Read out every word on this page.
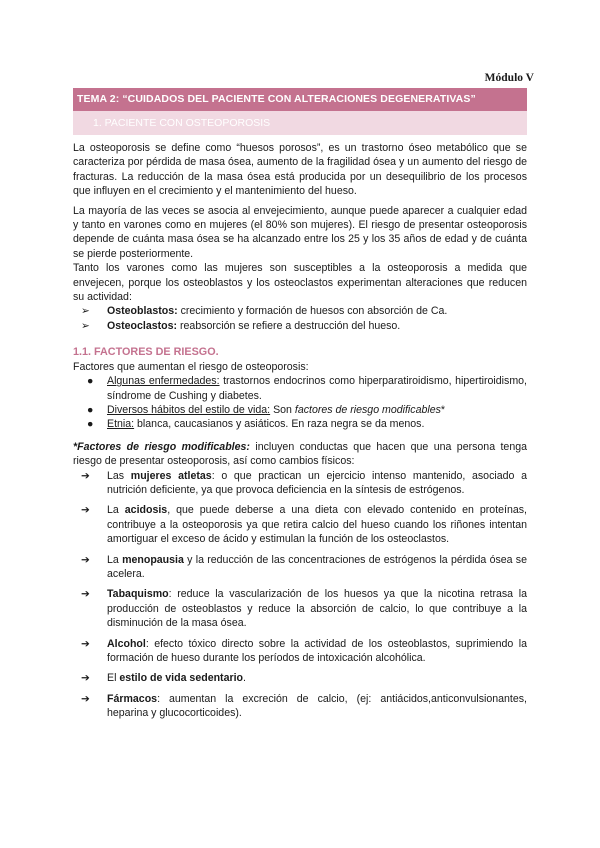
Módulo V
TEMA 2: “CUIDADOS DEL PACIENTE CON ALTERACIONES DEGENERATIVAS”
1. PACIENTE CON OSTEOPOROSIS

La osteoporosis se define como “huesos porosos”, es un trastorno óseo metabólico que se caracteriza por pérdida de masa ósea, aumento de la fragilidad ósea y un aumento del riesgo de fracturas. La reducción de la masa ósea está producida por un desequilibrio de los procesos que influyen en el crecimiento y el mantenimiento del hueso.

La mayoría de las veces se asocia al envejecimiento, aunque puede aparecer a cualquier edad y tanto en varones como en mujeres (el 80% son mujeres). El riesgo de presentar osteoporosis depende de cuánta masa ósea se ha alcanzado entre los 25 y los 35 años de edad y de cuánta se pierde posteriormente.

Tanto los varones como las mujeres son susceptibles a la osteoporosis a medida que envejecen, porque los osteoblastos y los osteoclastos experimentan alteraciones que reducen su actividad:

➢ Osteoblastos: crecimiento y formación de huesos con absorción de Ca.
➢ Osteoclastos: reabsorción se refiere a destrucción del hueso.
1.1. FACTORES DE RIESGO.

Factores que aumentan el riesgo de osteoporosis:

● Algunas enfermedades: trastornos endocrinos como hiperparatiroidismo, hipertiroidismo, síndrome de Cushing y diabetes.
● Diversos hábitos del estilo de vida: Son factores de riesgo modificables*
● Etnia: blanca, caucasianos y asiáticos. En raza negra se da menos.

*Factores de riesgo modificables: incluyen conductas que hacen que una persona tenga riesgo de presentar osteoporosis, así como cambios físicos:

➔ Las mujeres atletas: o que practican un ejercicio intenso mantenido, asociado a nutrición deficiente, ya que provoca deficiencia en la síntesis de estrógenos.
➔ La acidosis, que puede deberse a una dieta con elevado contenido en proteínas, contribuye a la osteoporosis ya que retira calcio del hueso cuando los riñones intentan amortiguar el exceso de ácido y estimulan la función de los osteoclastos.
➔ La menopausia y la reducción de las concentraciones de estrógenos la pérdida ósea se acelera.
➔ Tabaquismo: reduce la vascularización de los huesos ya que la nicotina retrasa la producción de osteoblastos y reduce la absorción de calcio, lo que contribuye a la disminución de la masa ósea.
➔ Alcohol: efecto tóxico directo sobre la actividad de los osteoblastos, suprimiendo la formación de hueso durante los períodos de intoxicación alcohólica.
➔ El estilo de vida sedentario.
➔ Fármacos: aumentan la excreción de calcio, (ej: antiácidos,anticonvulsionantes, heparina y glucocorticoides).
